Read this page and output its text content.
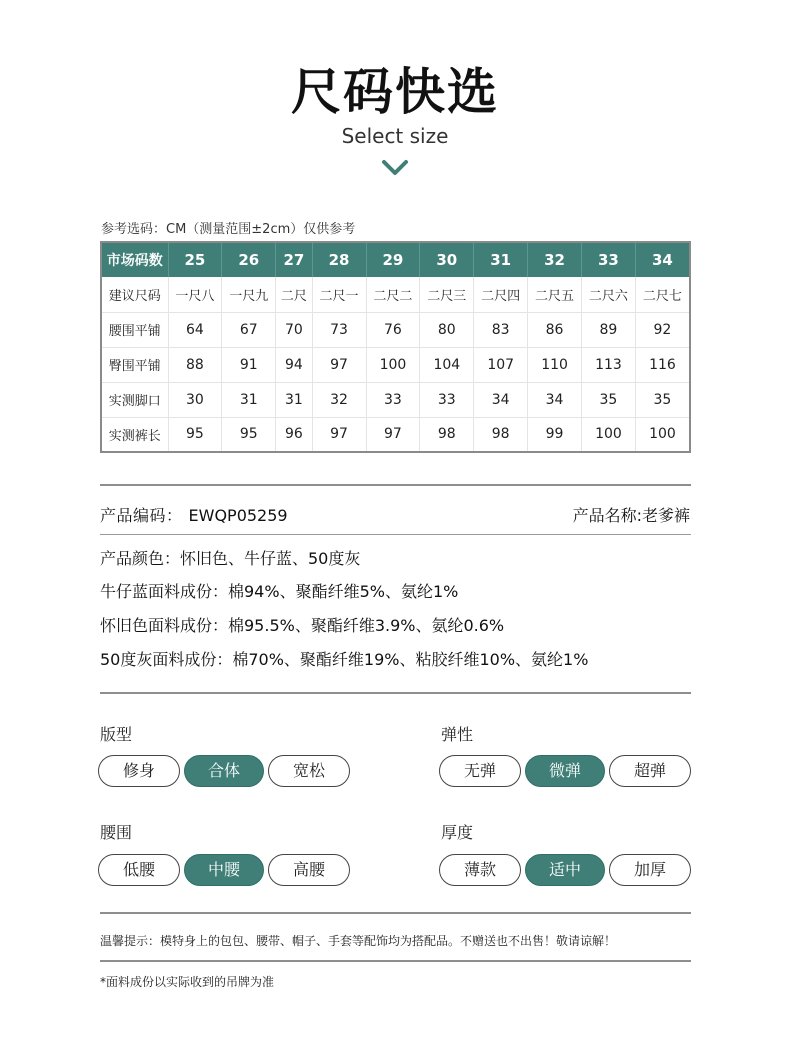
尺码快选
Select size
参考选码：CM（测量范围±2cm）仅供参考
市场码数	25	26	27	28	29	30	31	32	33	34
建议尺码	一尺八	一尺九	二尺	二尺一	二尺二	二尺三	二尺四	二尺五	二尺六	二尺七
腰围平铺	64	67	70	73	76	80	83	86	89	92
臀围平铺	88	91	94	97	100	104	107	110	113	116
实测脚口	30	31	31	32	33	33	34	34	35	35
实测裤长	95	95	96	97	97	98	98	99	100	100
产品编码： EWQP05259	产品名称:老爹裤
产品颜色：怀旧色、牛仔蓝、50度灰
牛仔蓝面料成份：棉94%、聚酯纤维5%、氨纶1%
怀旧色面料成份：棉95.5%、聚酯纤维3.9%、氨纶0.6%
50度灰面料成份：棉70%、聚酯纤维19%、粘胶纤维10%、氨纶1%
版型
修身	合体	宽松
弹性
无弹	微弹	超弹
腰围
低腰	中腰	高腰
厚度
薄款	适中	加厚
温馨提示：模特身上的包包、腰带、帽子、手套等配饰均为搭配品。不赠送也不出售！敬请谅解！
*面料成份以实际收到的吊牌为准
